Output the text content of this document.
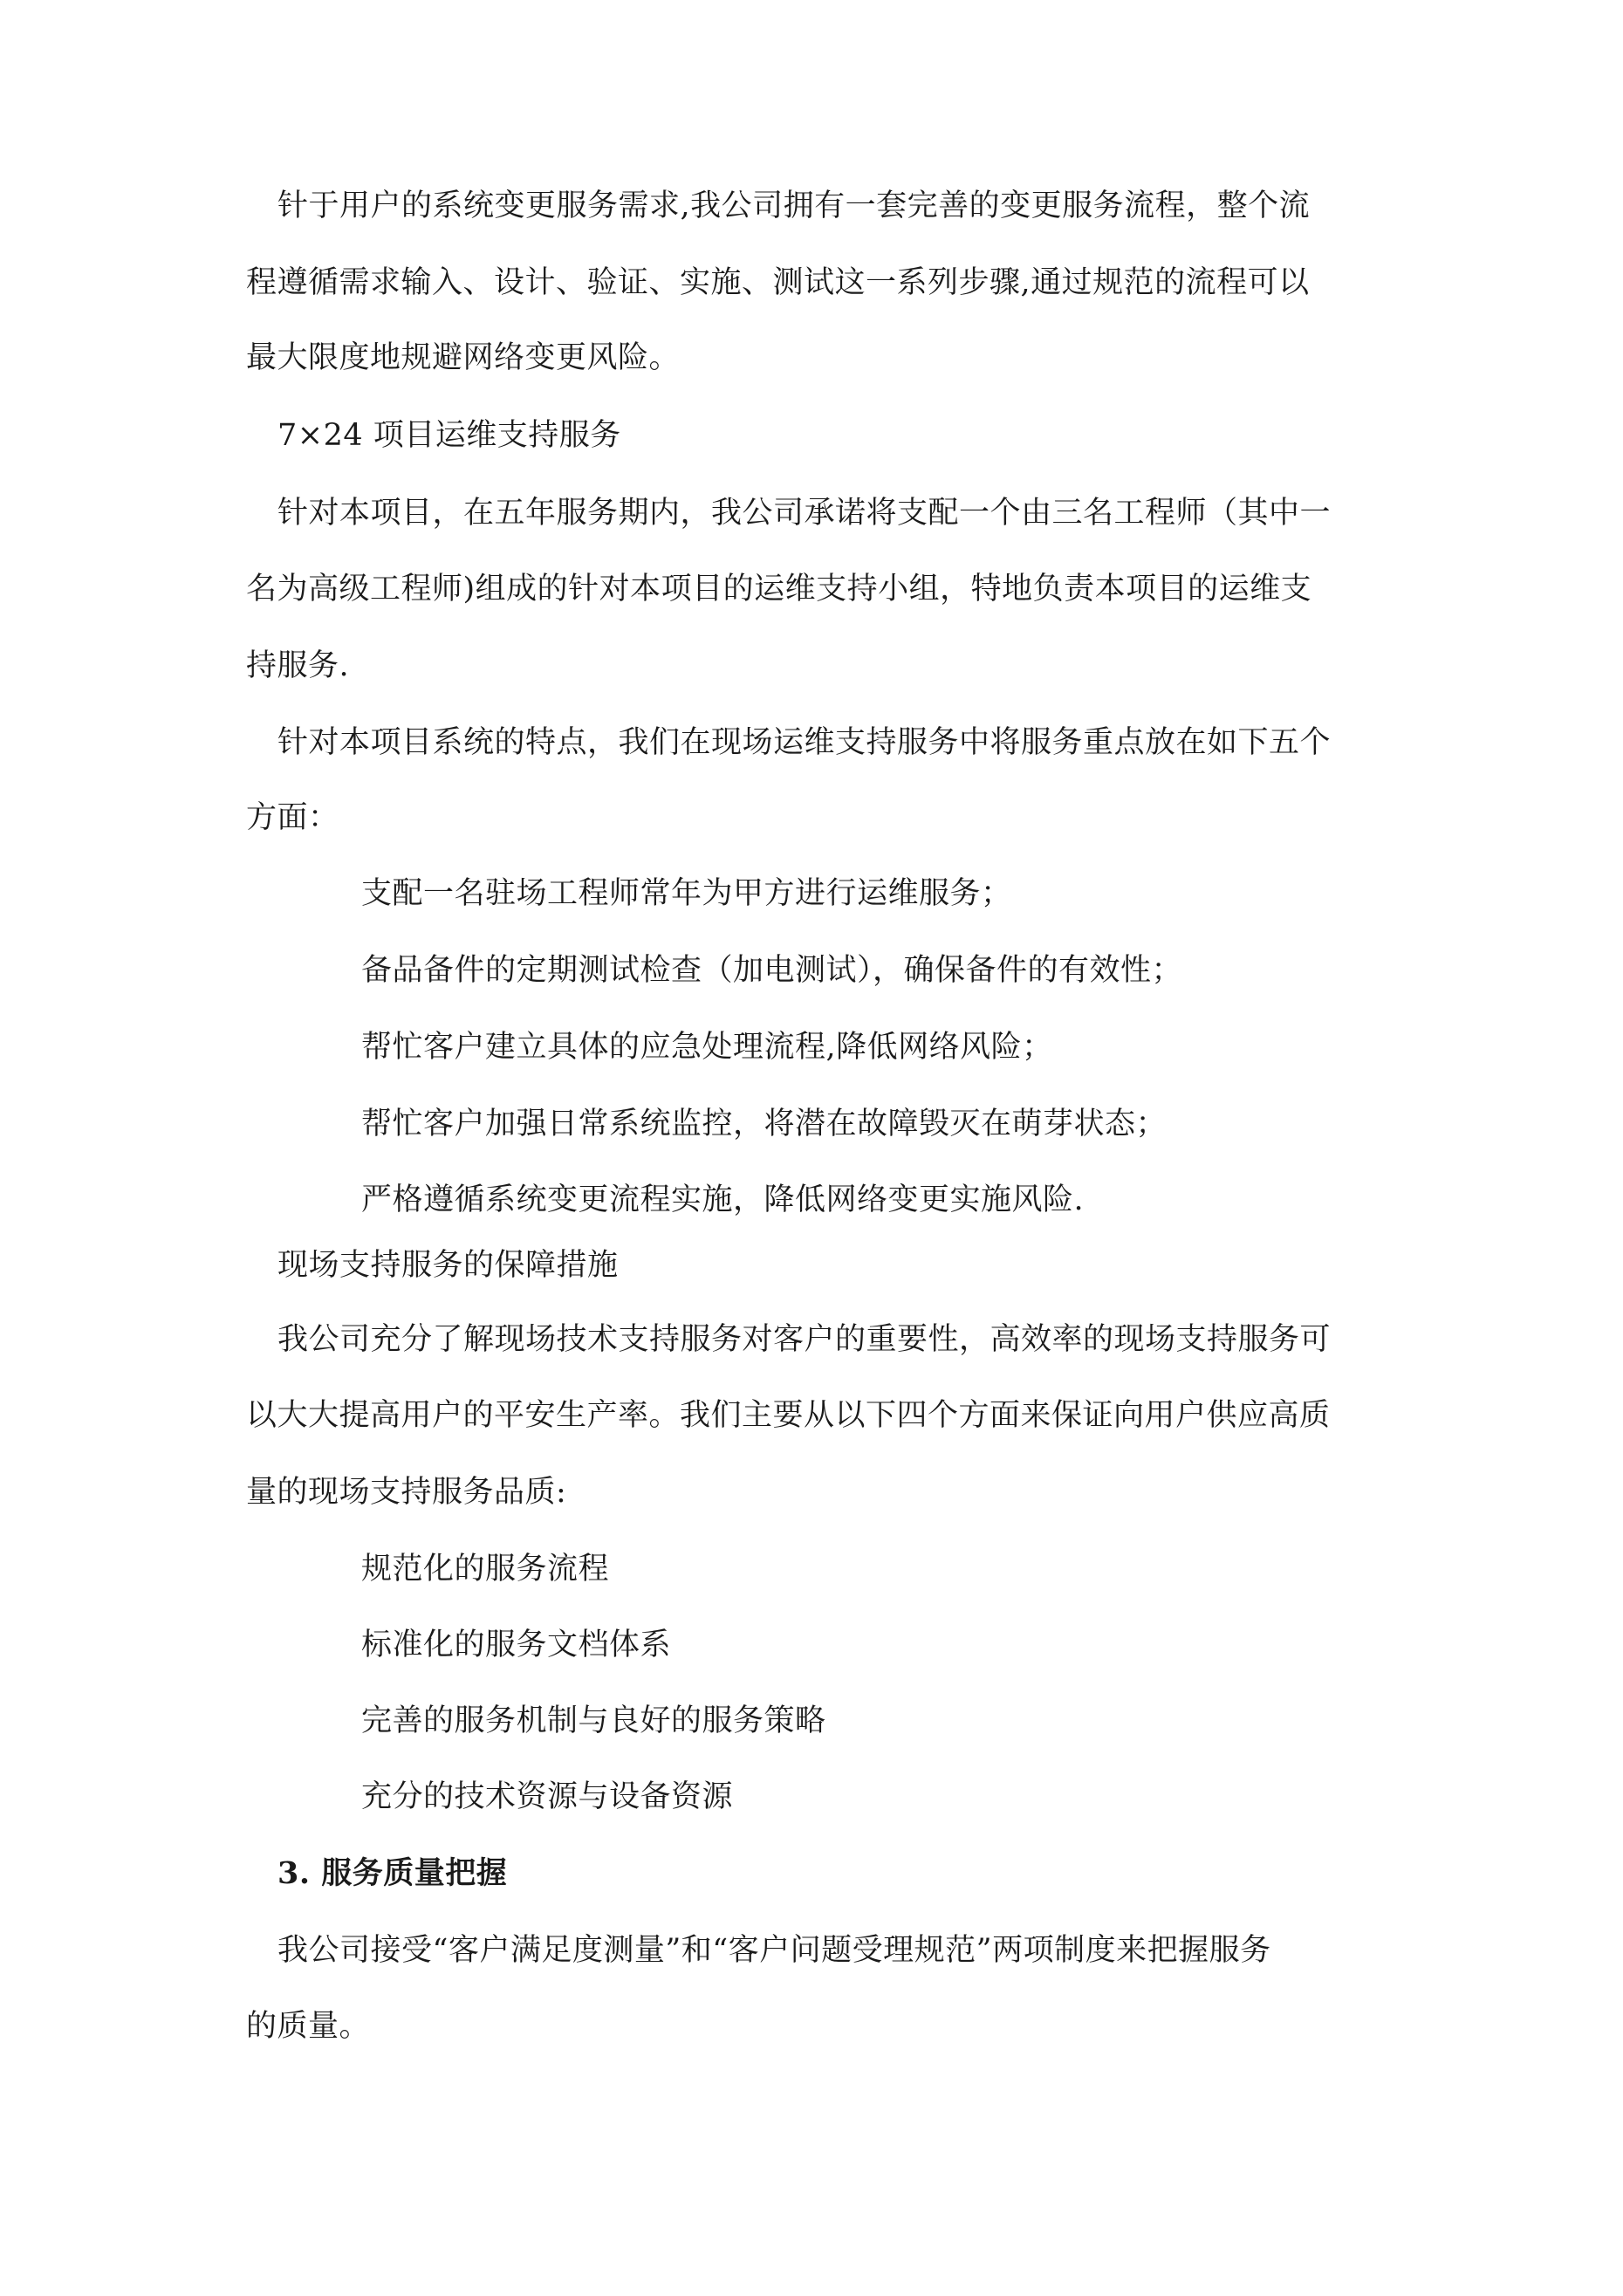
针于用户的系统变更服务需求,我公司拥有一套完善的变更服务流程，整个流
程遵循需求输入、设计、验证、实施、测试这一系列步骤,通过规范的流程可以
最大限度地规避网络变更风险。
7×24 项目运维支持服务
针对本项目，在五年服务期内，我公司承诺将支配一个由三名工程师（其中一
名为高级工程师)组成的针对本项目的运维支持小组，特地负责本项目的运维支
持服务.
针对本项目系统的特点，我们在现场运维支持服务中将服务重点放在如下五个
方面：
支配一名驻场工程师常年为甲方进行运维服务；
备品备件的定期测试检查（加电测试），确保备件的有效性；
帮忙客户建立具体的应急处理流程,降低网络风险；
帮忙客户加强日常系统监控，将潜在故障毁灭在萌芽状态；
严格遵循系统变更流程实施，降低网络变更实施风险.
现场支持服务的保障措施
我公司充分了解现场技术支持服务对客户的重要性，高效率的现场支持服务可
以大大提高用户的平安生产率。我们主要从以下四个方面来保证向用户供应高质
量的现场支持服务品质:
规范化的服务流程
标准化的服务文档体系
完善的服务机制与良好的服务策略
充分的技术资源与设备资源
3. 服务质量把握
我公司接受“客户满足度测量”和“客户问题受理规范”两项制度来把握服务
的质量。
